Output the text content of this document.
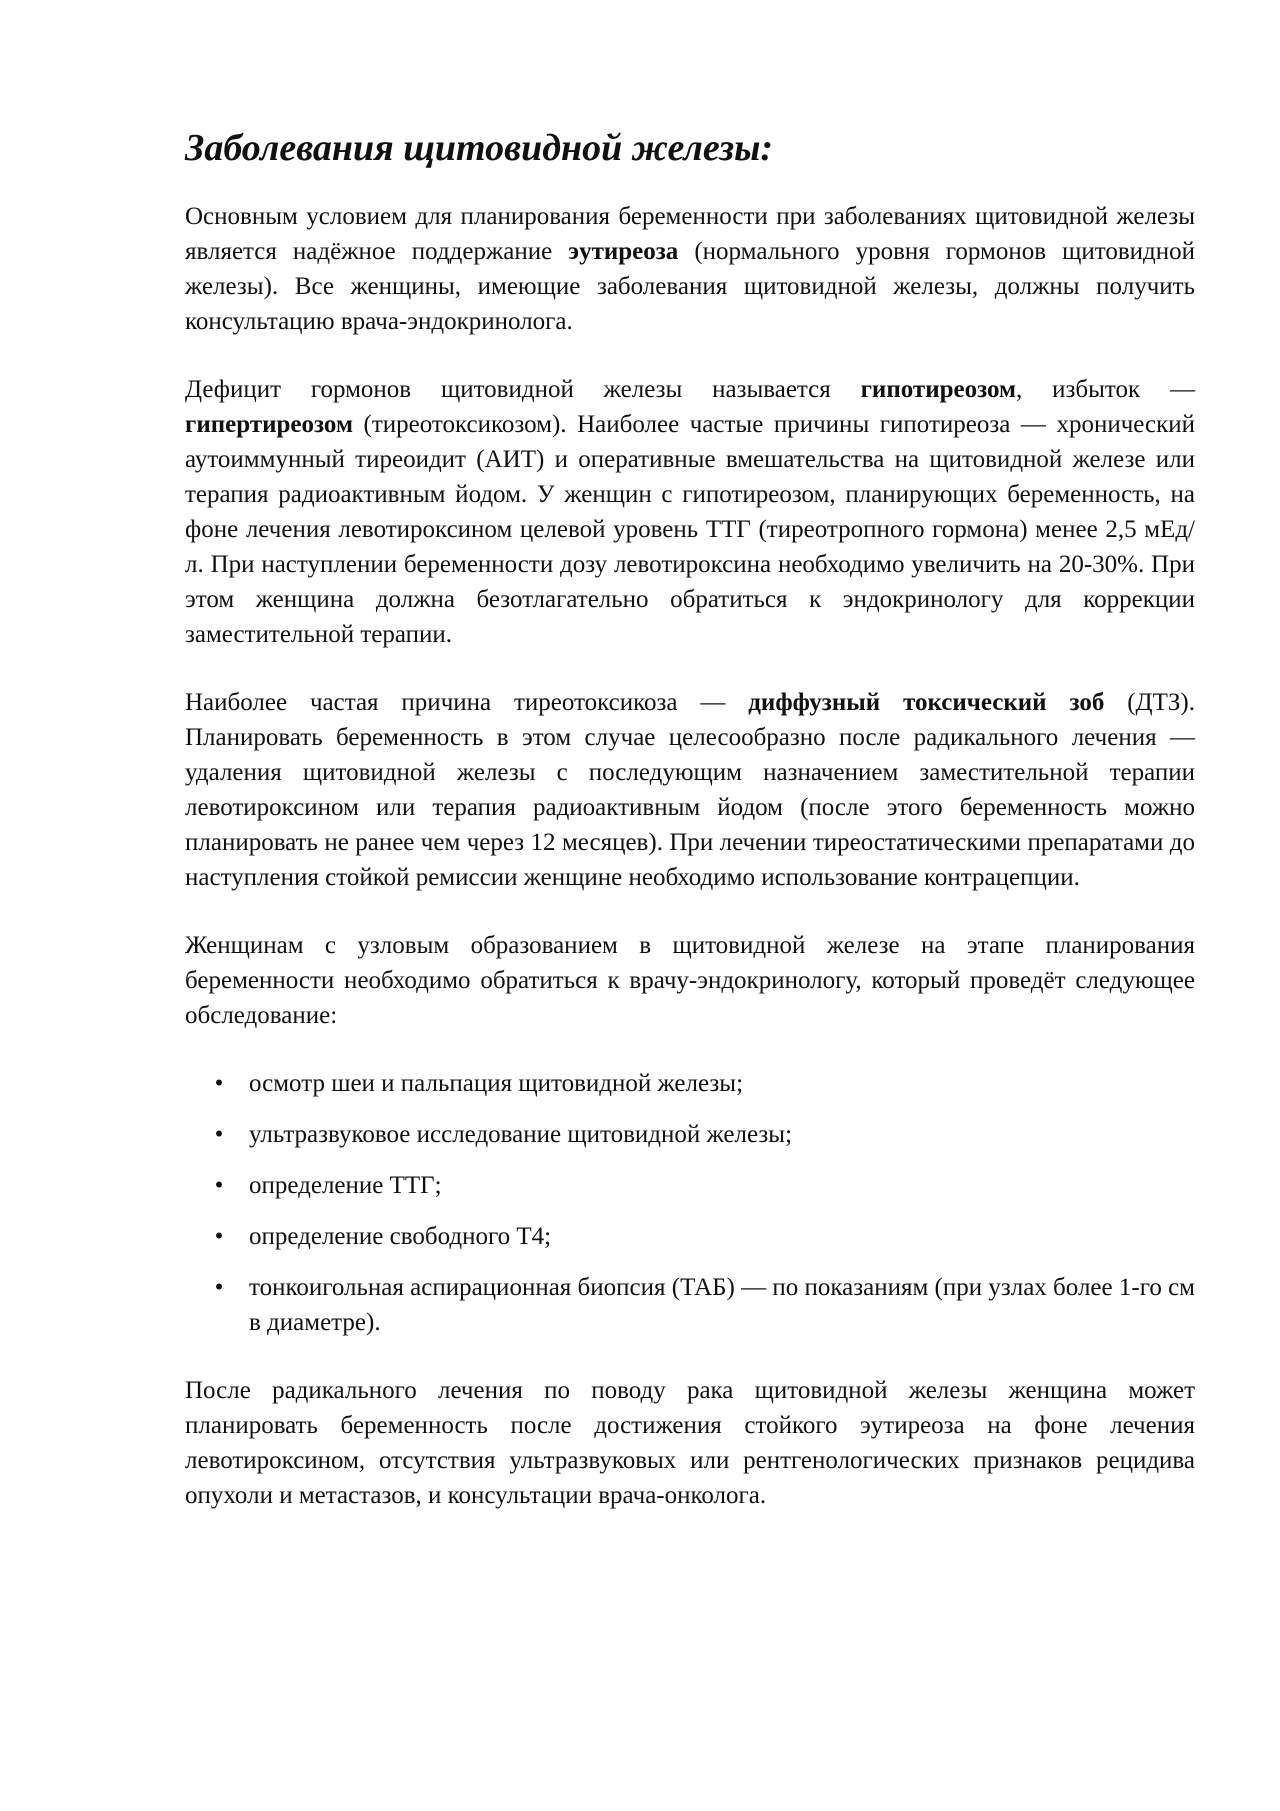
Заболевания щитовидной железы:

Основным условием для планирования беременности при заболеваниях щитовидной железы является надёжное поддержание эутиреоза (нормального уровня гормонов щитовидной железы). Все женщины, имеющие заболевания щитовидной железы, должны получить консультацию врача-эндокринолога.

Дефицит гормонов щитовидной железы называется гипотиреозом, избыток — гипертиреозом (тиреотоксикозом). Наиболее частые причины гипотиреоза — хронический аутоиммунный тиреоидит (АИТ) и оперативные вмешательства на щитовидной железе или терапия радиоактивным йодом. У женщин с гипотиреозом, планирующих беременность, на фоне лечения левотироксином целевой уровень ТТГ (тиреотропного гормона) менее 2,5 мЕд/л. При наступлении беременности дозу левотироксина необходимо увеличить на 20-30%. При этом женщина должна безотлагательно обратиться к эндокринологу для коррекции заместительной терапии.

Наиболее частая причина тиреотоксикоза — диффузный токсический зоб (ДТЗ). Планировать беременность в этом случае целесообразно после радикального лечения — удаления щитовидной железы с последующим назначением заместительной терапии левотироксином или терапия радиоактивным йодом (после этого беременность можно планировать не ранее чем через 12 месяцев). При лечении тиреостатическими препаратами до наступления стойкой ремиссии женщине необходимо использование контрацепции.

Женщинам с узловым образованием в щитовидной железе на этапе планирования беременности необходимо обратиться к врачу-эндокринологу, который проведёт следующее обследование:

• осмотр шеи и пальпация щитовидной железы;
• ультразвуковое исследование щитовидной железы;
• определение ТТГ;
• определение свободного Т4;
• тонкоигольная аспирационная биопсия (ТАБ) — по показаниям (при узлах более 1-го см в диаметре).

После радикального лечения по поводу рака щитовидной железы женщина может планировать беременность после достижения стойкого эутиреоза на фоне лечения левотироксином, отсутствия ультразвуковых или рентгенологических признаков рецидива опухоли и метастазов, и консультации врача-онколога.
